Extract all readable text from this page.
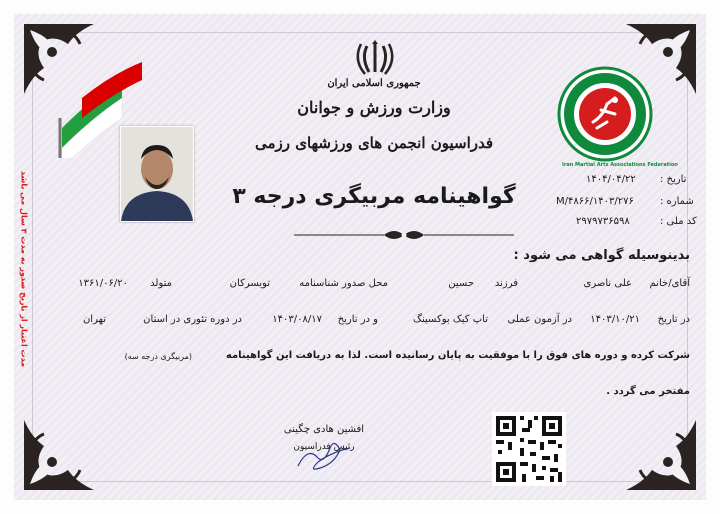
Iran Martial Arts Associations Federation
جمهوری اسلامی ایران
وزارت ورزش و جوانان
فدراسیون انجمن های ورزشهای رزمی
گواهینامه مربیگری درجه ۳
تاریخ :
۱۴۰۴/۰۴/۲۲
شماره :
۱۴۰۳/۲۷۶/M/۴۸۶۶
کد ملی :
۲۹۷۹۷۳۶۵۹۸
بدینوسیله گواهی می شود :
آقای/خانم
علی ناصری
فرزند
حسین
محل صدور شناسنامه
تویسرکان
متولد
۱۳۶۱/۰۶/۲۰
در تاریخ
۱۴۰۳/۱۰/۲۱
در آزمون عملی
تاپ کیک بوکسینگ
و در تاریخ
۱۴۰۳/۰۸/۱۷
در دوره تئوری در استان
تهران
شرکت کرده و دوره های فوق را با موفقیت به پایان رسانیده است. لذا به دریافت این گواهینامه
(مربیگری درجه سه)
مفتخر می گردد .
افشین هادی چگینی
رئیس فدراسیون
مدت اعتبار از تاریخ صدور به مدت ۳ سال می باشد
